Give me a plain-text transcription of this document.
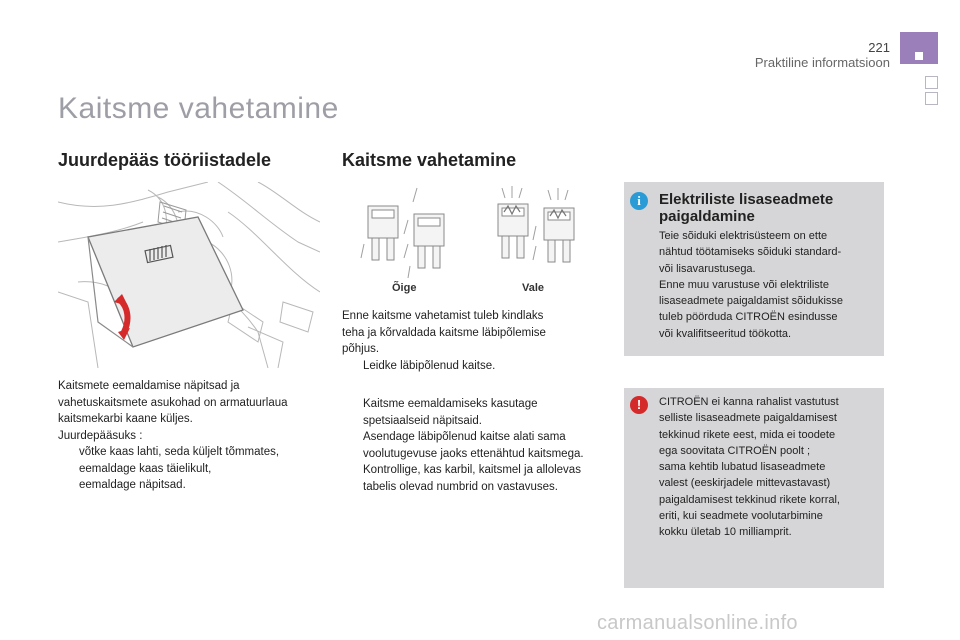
221
Praktiline informatsioon
Kaitsme vahetamine
Juurdepääs tööriistadele
Kaitsmete eemaldamise näpitsad ja
vahetuskaitsmete asukohad on armatuurlaua
kaitsmekarbi kaane küljes.
Juurdepääsuks :
võtke kaas lahti, seda küljelt tõmmates,
eemaldage kaas täielikult,
eemaldage näpitsad.
Kaitsme vahetamine
Õige	Vale
Enne kaitsme vahetamist tuleb kindlaks
teha ja kõrvaldada kaitsme läbipõlemise
põhjus.
Leidke läbipõlenud kaitse.
Kaitsme eemaldamiseks kasutage
spetsiaalseid näpitsaid.
Asendage läbipõlenud kaitse alati sama
voolutugevuse jaoks ettenähtud kaitsmega.
Kontrollige, kas karbil, kaitsmel ja allolevas
tabelis olevad numbrid on vastavuses.
i	Elektriliste lisaseadmete
paigaldamine
Teie sõiduki elektrisüsteem on ette
nähtud töötamiseks sõiduki standard-
või lisavarustusega.
Enne muu varustuse või elektriliste
lisaseadmete paigaldamist sõidukisse
tuleb pöörduda CITROËN esindusse
või kvalifitseeritud töökotta.
!	CITROËN ei kanna rahalist vastutust
selliste lisaseadmete paigaldamisest
tekkinud rikete eest, mida ei toodete
ega soovitata CITROËN poolt ;
sama kehtib lubatud lisaseadmete
valest (eeskirjadele mittevastavast)
paigaldamisest tekkinud rikete korral,
eriti, kui seadmete voolutarbimine
kokku ületab 10 milliamprit.
carmanualsonline.info
